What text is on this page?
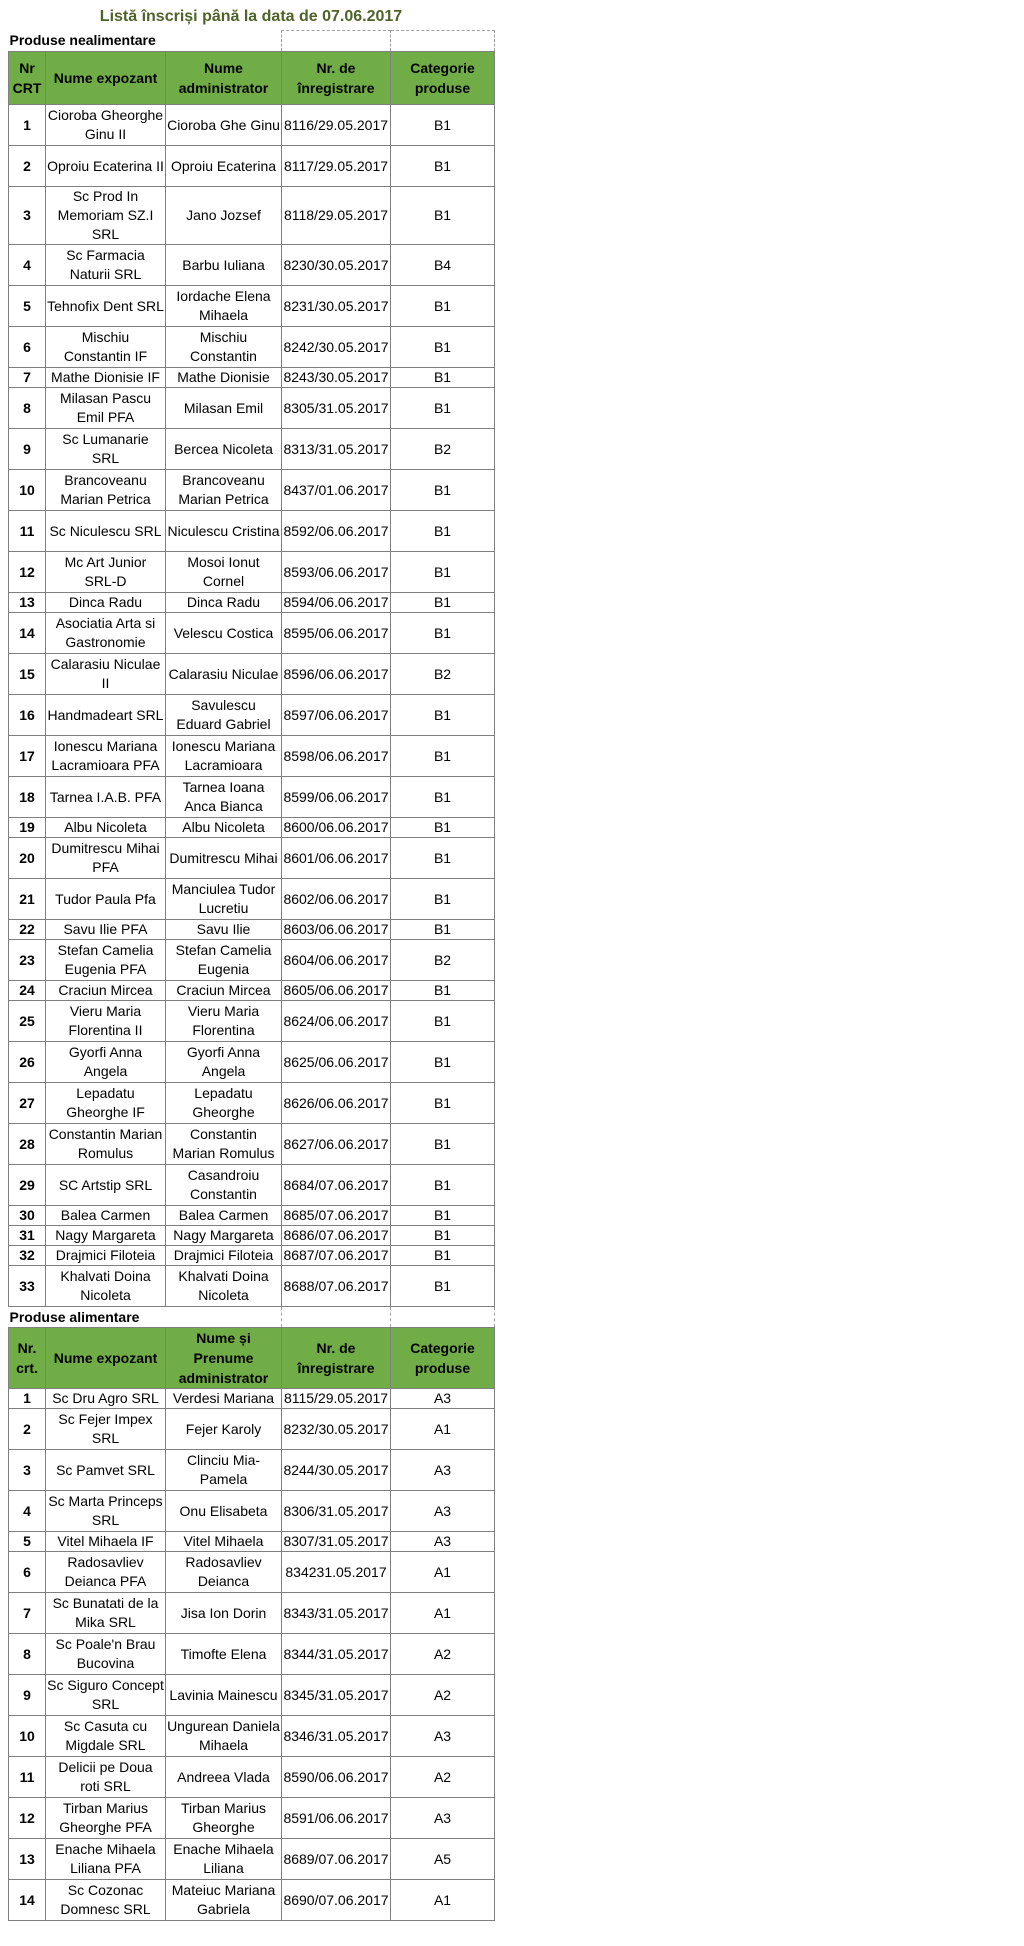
Listă înscriși până la data de 07.06.2017
Produse nealimentare				
Nr CRT	Nume expozant	Nume administrator	Nr. de înregistrare	Categorie produse
1	Cioroba Gheorghe Ginu II	Cioroba Ghe Ginu	8116/29.05.2017	B1
2	Oproiu Ecaterina II	Oproiu Ecaterina	8117/29.05.2017	B1
3	Sc Prod In Memoriam SZ.I SRL	Jano Jozsef	8118/29.05.2017	B1
4	Sc Farmacia Naturii SRL	Barbu Iuliana	8230/30.05.2017	B4
5	Tehnofix Dent SRL	Iordache Elena Mihaela	8231/30.05.2017	B1
6	Mischiu Constantin IF	Mischiu Constantin	8242/30.05.2017	B1
7	Mathe Dionisie IF	Mathe Dionisie	8243/30.05.2017	B1
8	Milasan Pascu Emil PFA	Milasan Emil	8305/31.05.2017	B1
9	Sc Lumanarie SRL	Bercea Nicoleta	8313/31.05.2017	B2
10	Brancoveanu Marian Petrica	Brancoveanu Marian Petrica	8437/01.06.2017	B1
11	Sc Niculescu SRL	Niculescu Cristina	8592/06.06.2017	B1
12	Mc Art Junior SRL-D	Mosoi Ionut Cornel	8593/06.06.2017	B1
13	Dinca Radu	Dinca Radu	8594/06.06.2017	B1
14	Asociatia Arta si Gastronomie	Velescu Costica	8595/06.06.2017	B1
15	Calarasiu Niculae II	Calarasiu Niculae	8596/06.06.2017	B2
16	Handmadeart SRL	Savulescu Eduard Gabriel	8597/06.06.2017	B1
17	Ionescu Mariana Lacramioara PFA	Ionescu Mariana Lacramioara	8598/06.06.2017	B1
18	Tarnea I.A.B. PFA	Tarnea Ioana Anca Bianca	8599/06.06.2017	B1
19	Albu Nicoleta	Albu Nicoleta	8600/06.06.2017	B1
20	Dumitrescu Mihai PFA	Dumitrescu Mihai	8601/06.06.2017	B1
21	Tudor Paula Pfa	Manciulea Tudor Lucretiu	8602/06.06.2017	B1
22	Savu Ilie PFA	Savu Ilie	8603/06.06.2017	B1
23	Stefan Camelia Eugenia PFA	Stefan Camelia Eugenia	8604/06.06.2017	B2
24	Craciun Mircea	Craciun Mircea	8605/06.06.2017	B1
25	Vieru Maria Florentina II	Vieru Maria Florentina	8624/06.06.2017	B1
26	Gyorfi Anna Angela	Gyorfi Anna Angela	8625/06.06.2017	B1
27	Lepadatu Gheorghe IF	Lepadatu Gheorghe	8626/06.06.2017	B1
28	Constantin Marian Romulus	Constantin Marian Romulus	8627/06.06.2017	B1
29	SC Artstip SRL	Casandroiu Constantin	8684/07.06.2017	B1
30	Balea Carmen	Balea Carmen	8685/07.06.2017	B1
31	Nagy Margareta	Nagy Margareta	8686/07.06.2017	B1
32	Drajmici Filoteia	Drajmici Filoteia	8687/07.06.2017	B1
33	Khalvati Doina Nicoleta	Khalvati Doina Nicoleta	8688/07.06.2017	B1
Produse alimentare				
Nr. crt.	Nume expozant	Nume și Prenume administrator	Nr. de înregistrare	Categorie produse
1	Sc Dru Agro SRL	Verdesi Mariana	8115/29.05.2017	A3
2	Sc Fejer Impex SRL	Fejer Karoly	8232/30.05.2017	A1
3	Sc Pamvet SRL	Clinciu Mia-Pamela	8244/30.05.2017	A3
4	Sc Marta Princeps SRL	Onu Elisabeta	8306/31.05.2017	A3
5	Vitel Mihaela IF	Vitel Mihaela	8307/31.05.2017	A3
6	Radosavliev Deianca PFA	Radosavliev Deianca	834231.05.2017	A1
7	Sc Bunatati de la Mika SRL	Jisa Ion Dorin	8343/31.05.2017	A1
8	Sc Poale'n Brau Bucovina	Timofte Elena	8344/31.05.2017	A2
9	Sc Siguro Concept SRL	Lavinia Mainescu	8345/31.05.2017	A2
10	Sc Casuta cu Migdale SRL	Ungurean Daniela Mihaela	8346/31.05.2017	A3
11	Delicii pe Doua roti SRL	Andreea Vlada	8590/06.06.2017	A2
12	Tirban Marius Gheorghe PFA	Tirban Marius Gheorghe	8591/06.06.2017	A3
13	Enache Mihaela Liliana PFA	Enache Mihaela Liliana	8689/07.06.2017	A5
14	Sc Cozonac Domnesc SRL	Mateiuc Mariana Gabriela	8690/07.06.2017	A1
